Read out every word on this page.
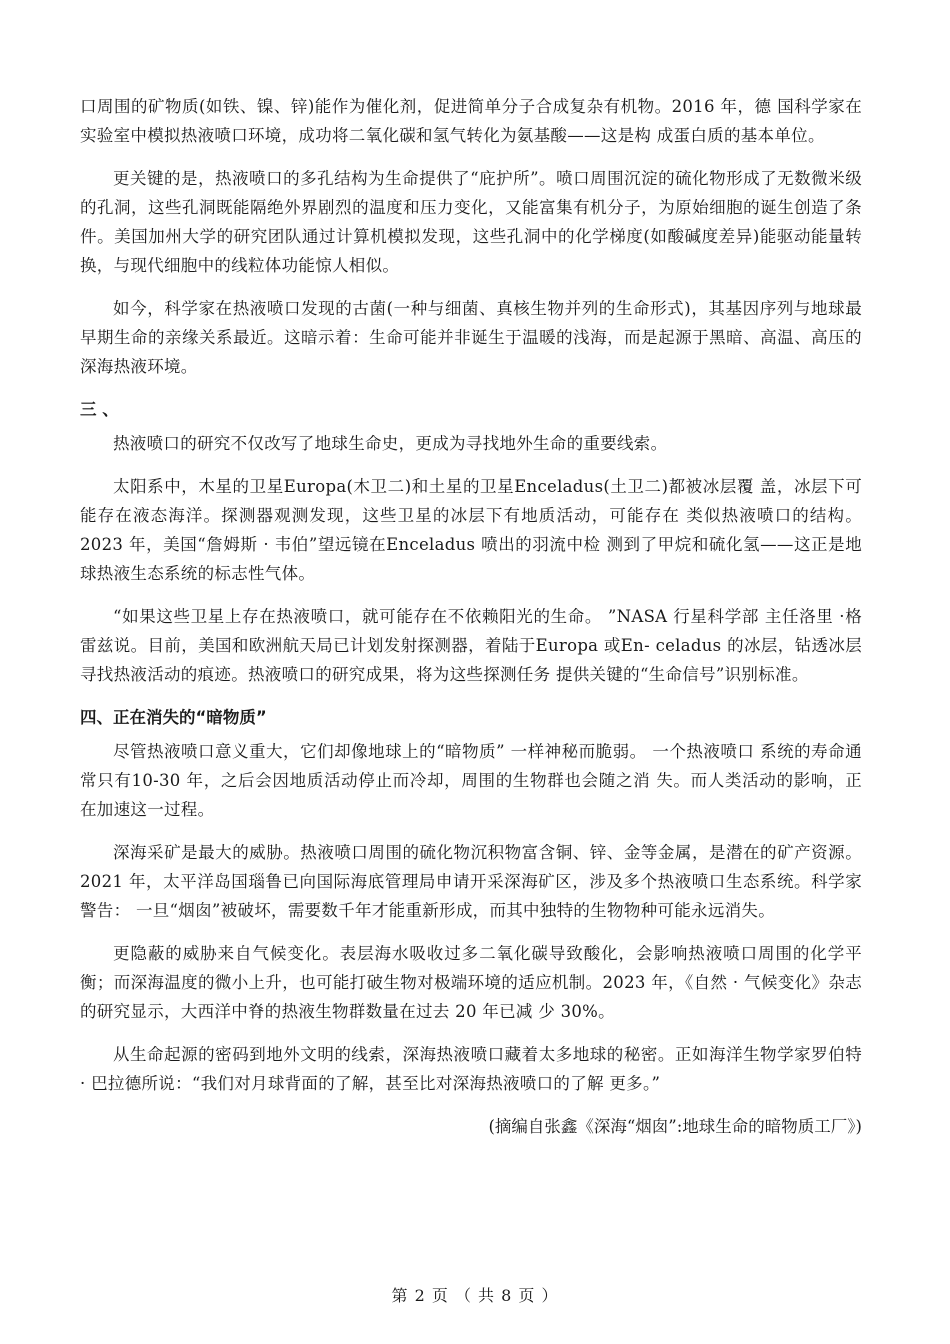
口周围的矿物质(如铁、镍、锌)能作为催化剂，促进简单分子合成复杂有机物。2016 年，德 国科学家在实验室中模拟热液喷口环境，成功将二氧化碳和氢气转化为氨基酸——这是构 成蛋白质的基本单位。

更关键的是，热液喷口的多孔结构为生命提供了“庇护所”。喷口周围沉淀的硫化物形成了无数微米级的孔洞，这些孔洞既能隔绝外界剧烈的温度和压力变化，又能富集有机分子，为原始细胞的诞生创造了条件。美国加州大学的研究团队通过计算机模拟发现，这些孔洞中的化学梯度(如酸碱度差异)能驱动能量转换，与现代细胞中的线粒体功能惊人相似。

如今，科学家在热液喷口发现的古菌(一种与细菌、真核生物并列的生命形式)，其基因序列与地球最早期生命的亲缘关系最近。这暗示着：生命可能并非诞生于温暖的浅海，而是起源于黑暗、高温、高压的深海热液环境。

三 、

热液喷口的研究不仅改写了地球生命史，更成为寻找地外生命的重要线索。

太阳系中，木星的卫星Europa(木卫二)和土星的卫星Enceladus(土卫二)都被冰层覆 盖，冰层下可能存在液态海洋。探测器观测发现，这些卫星的冰层下有地质活动，可能存在 类似热液喷口的结构。2023 年，美国“詹姆斯 · 韦伯”望远镜在Enceladus 喷出的羽流中检 测到了甲烷和硫化氢——这正是地球热液生态系统的标志性气体。

“如果这些卫星上存在热液喷口，就可能存在不依赖阳光的生命。 ”NASA 行星科学部 主任洛里 ·格雷兹说。目前，美国和欧洲航天局已计划发射探测器，着陆于Europa 或En- celadus 的冰层，钻透冰层寻找热液活动的痕迹。热液喷口的研究成果，将为这些探测任务 提供关键的“生命信号”识别标准。

四、正在消失的“暗物质”

尽管热液喷口意义重大，它们却像地球上的“暗物质” 一样神秘而脆弱。 一个热液喷口 系统的寿命通常只有10-30 年，之后会因地质活动停止而冷却，周围的生物群也会随之消 失。而人类活动的影响，正在加速这一过程。

深海采矿是最大的威胁。热液喷口周围的硫化物沉积物富含铜、锌、金等金属，是潜在的矿产资源。2021 年，太平洋岛国瑙鲁已向国际海底管理局申请开采深海矿区，涉及多个热液喷口生态系统。科学家警告： 一旦“烟囱”被破坏，需要数千年才能重新形成，而其中独特的生物物种可能永远消失。

更隐蔽的威胁来自气候变化。表层海水吸收过多二氧化碳导致酸化，会影响热液喷口周围的化学平衡；而深海温度的微小上升，也可能打破生物对极端环境的适应机制。2023 年，《自然 · 气候变化》杂志的研究显示，大西洋中脊的热液生物群数量在过去 20 年已减 少 30%。

从生命起源的密码到地外文明的线索，深海热液喷口藏着太多地球的秘密。正如海洋生物学家罗伯特 · 巴拉德所说：“我们对月球背面的了解，甚至比对深海热液喷口的了解 更多。”

(摘编自张鑫《深海“烟囱”:地球生命的暗物质工厂》)

第 2 页 （ 共 8 页 ）
